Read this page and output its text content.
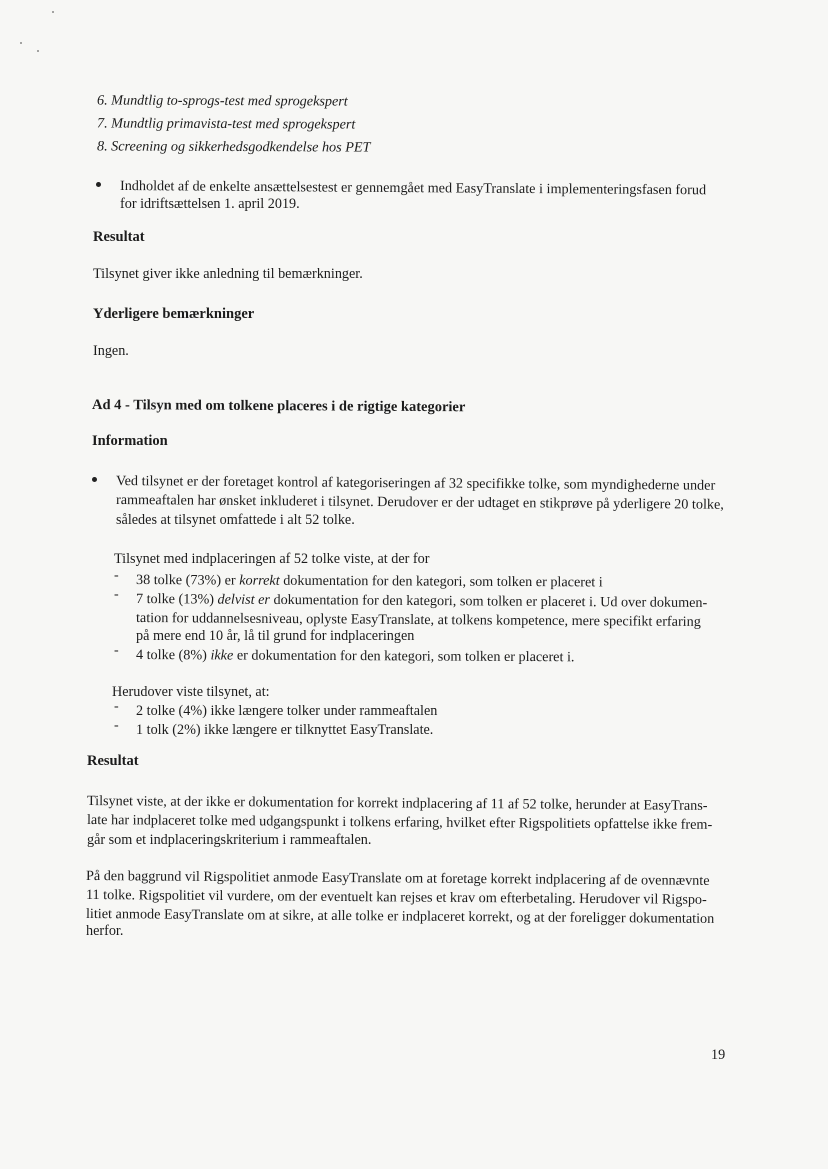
6. Mundtlig to-sprogs-test med sprogekspert
7. Mundtlig primavista-test med sprogekspert
8. Screening og sikkerhedsgodkendelse hos PET
Indholdet af de enkelte ansættelsestest er gennemgået med EasyTranslate i implementeringsfasen forud
for idriftsættelsen 1. april 2019.
Resultat
Tilsynet giver ikke anledning til bemærkninger.
Yderligere bemærkninger
Ingen.
Ad 4 - Tilsyn med om tolkene placeres i de rigtige kategorier
Information
Ved tilsynet er der foretaget kontrol af kategoriseringen af 32 specifikke tolke, som myndighederne under
rammeaftalen har ønsket inkluderet i tilsynet. Derudover er der udtaget en stikprøve på yderligere 20 tolke,
således at tilsynet omfattede i alt 52 tolke.
Tilsynet med indplaceringen af 52 tolke viste, at der for
- 38 tolke (73%) er korrekt dokumentation for den kategori, som tolken er placeret i
- 7 tolke (13%) delvist er dokumentation for den kategori, som tolken er placeret i. Ud over dokumen-
tation for uddannelsesniveau, oplyste EasyTranslate, at tolkens kompetence, mere specifikt erfaring
på mere end 10 år, lå til grund for indplaceringen
- 4 tolke (8%) ikke er dokumentation for den kategori, som tolken er placeret i.
Herudover viste tilsynet, at:
- 2 tolke (4%) ikke længere tolker under rammeaftalen
- 1 tolk (2%) ikke længere er tilknyttet EasyTranslate.
Resultat
Tilsynet viste, at der ikke er dokumentation for korrekt indplacering af 11 af 52 tolke, herunder at EasyTrans-
late har indplaceret tolke med udgangspunkt i tolkens erfaring, hvilket efter Rigspolitiets opfattelse ikke frem-
går som et indplaceringskriterium i rammeaftalen.
På den baggrund vil Rigspolitiet anmode EasyTranslate om at foretage korrekt indplacering af de ovennævnte
11 tolke. Rigspolitiet vil vurdere, om der eventuelt kan rejses et krav om efterbetaling. Herudover vil Rigspo-
litiet anmode EasyTranslate om at sikre, at alle tolke er indplaceret korrekt, og at der foreligger dokumentation
herfor.
19
